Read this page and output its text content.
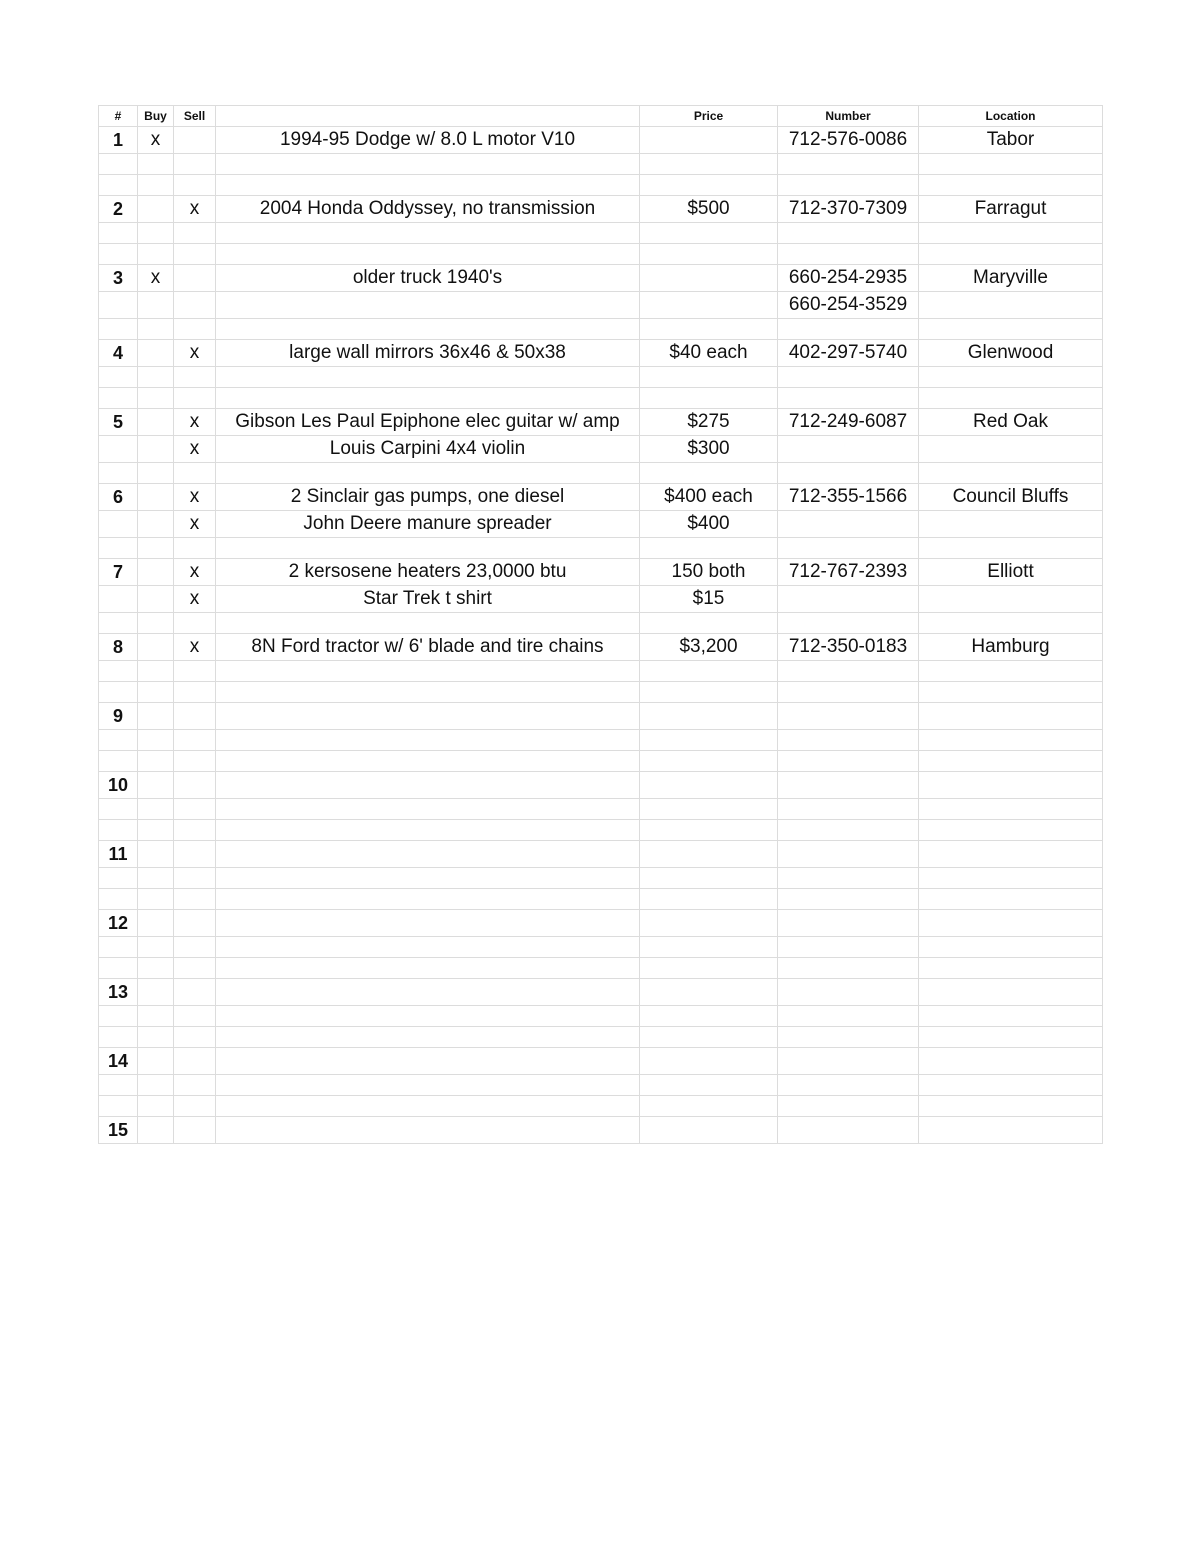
#	Buy	Sell		Price	Number	Location
1	x		1994-95 Dodge w/ 8.0 L motor V10		712-576-0086	Tabor

2		x	2004 Honda Oddyssey, no transmission	$500	712-370-7309	Farragut

3	x		older truck 1940's		660-254-2935	Maryville
					660-254-3529	

4		x	large wall mirrors 36x46 & 50x38	$40 each	402-297-5740	Glenwood

5		x	Gibson Les Paul Epiphone elec guitar w/ amp	$275	712-249-6087	Red Oak
		x	Louis Carpini 4x4 violin	$300		

6		x	2 Sinclair gas pumps, one diesel	$400 each	712-355-1566	Council Bluffs
		x	John Deere manure spreader	$400		

7		x	2 kersosene heaters 23,0000 btu	150 both	712-767-2393	Elliott
		x	Star Trek t shirt	$15		

8		x	8N Ford tractor w/ 6' blade and tire chains	$3,200	712-350-0183	Hamburg

9						

10						

11						

12						

13						

14						

15						
